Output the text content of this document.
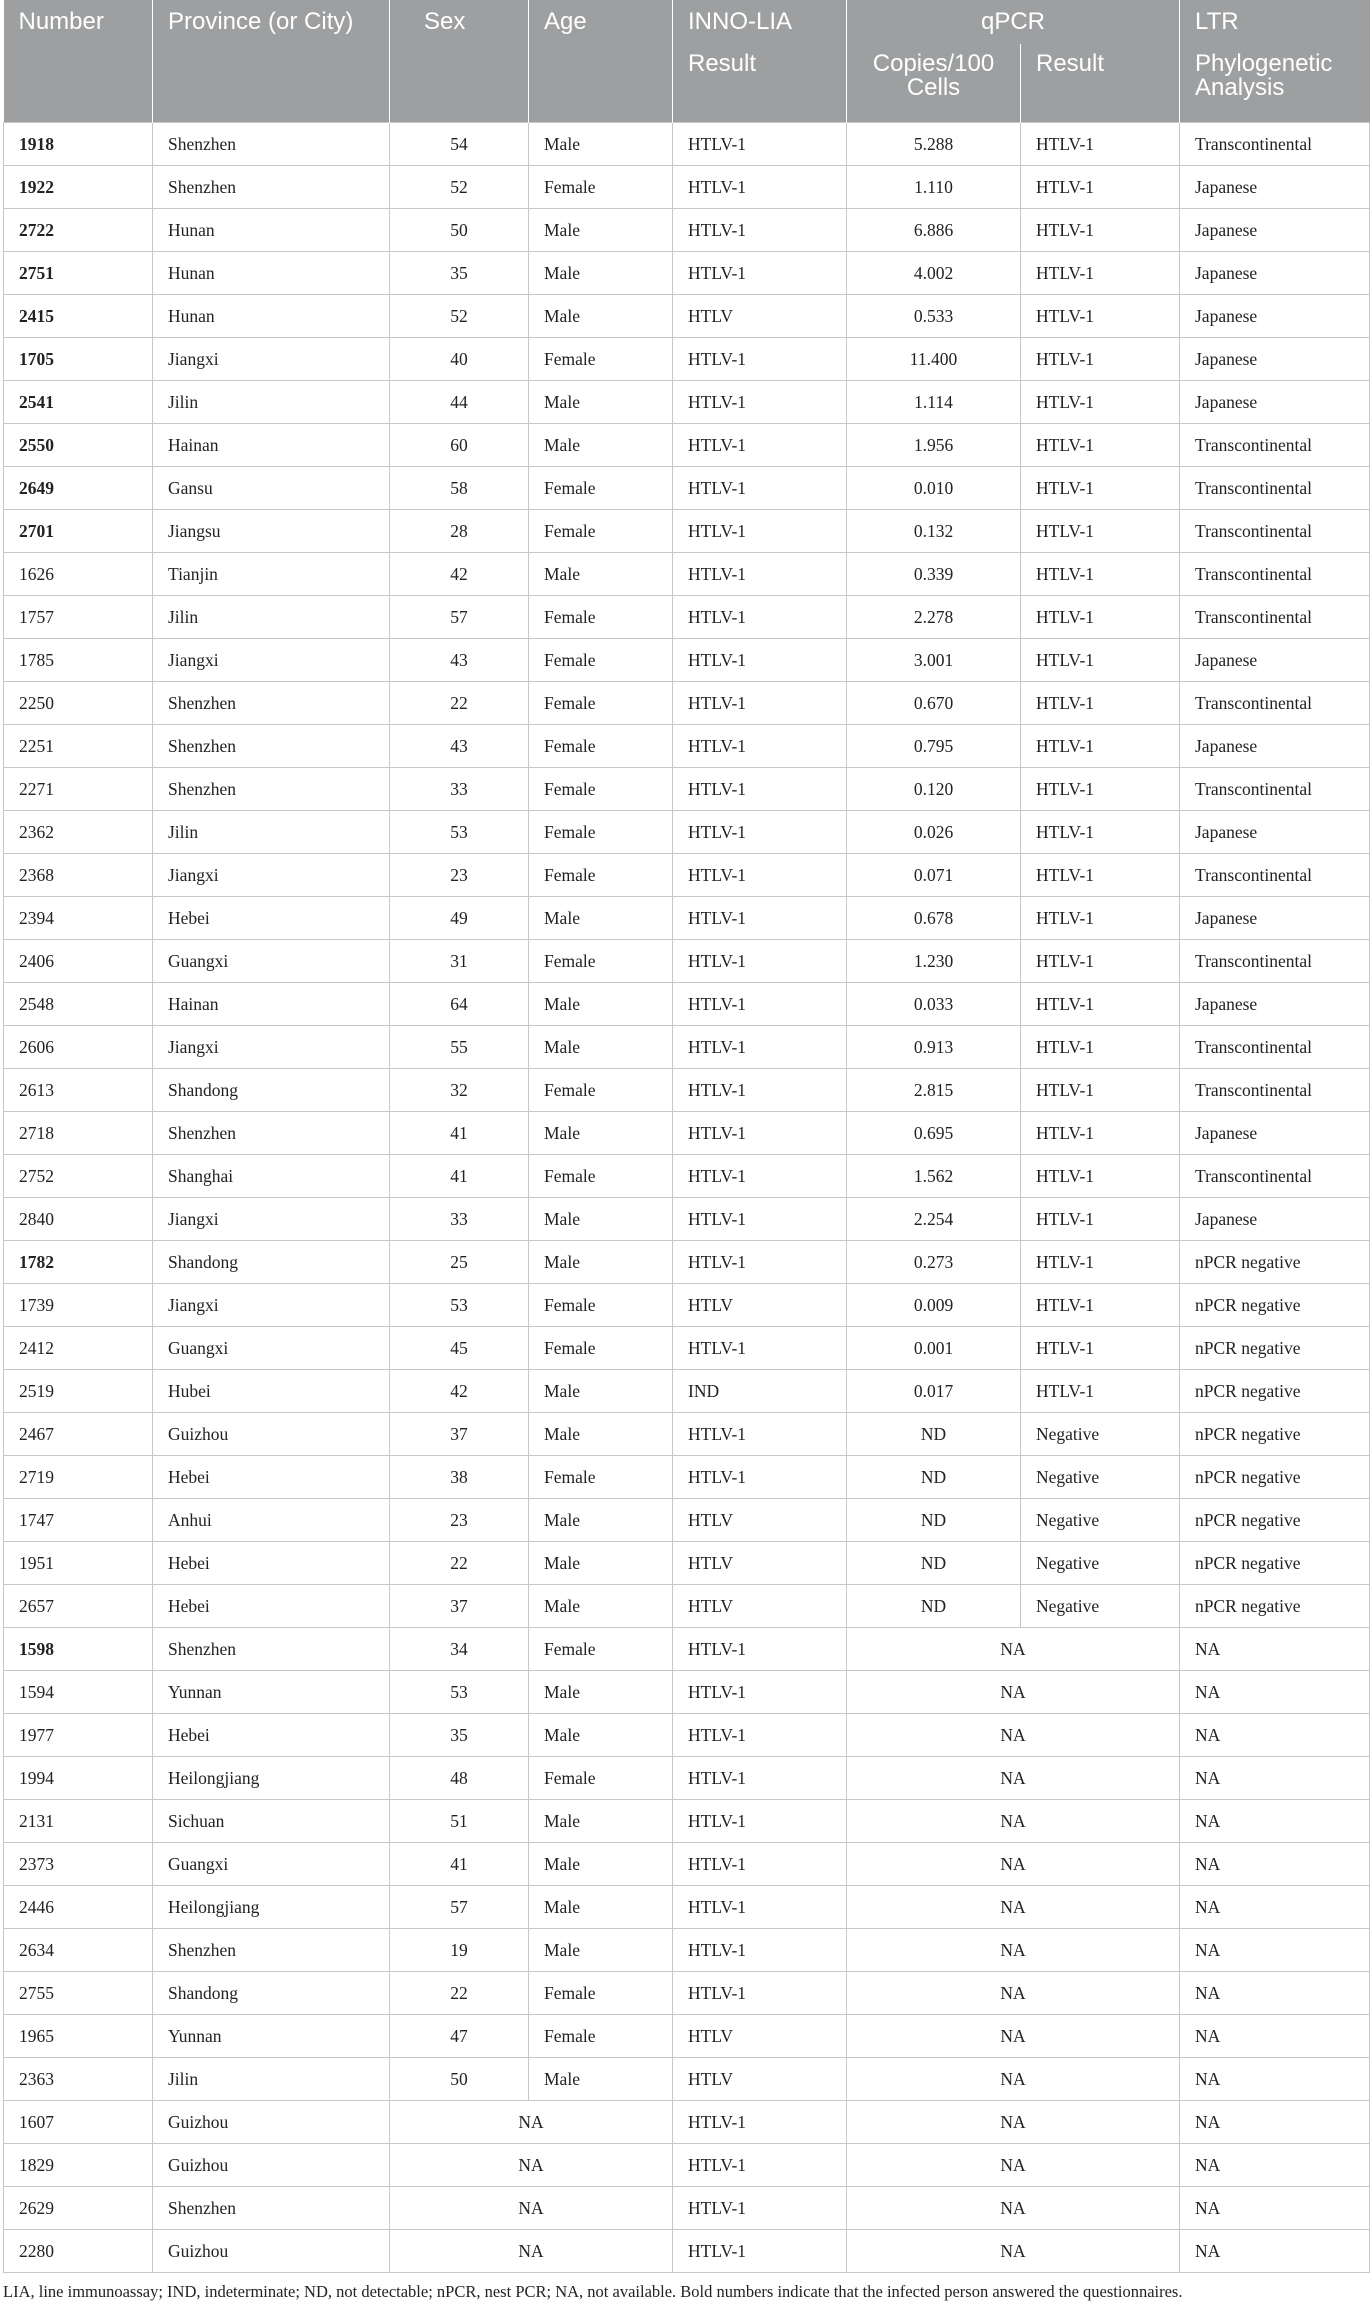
Number	Province (or City)	Sex	Age	INNO-LIA	qPCR		LTR
				Result	Copies/100 Cells	Result	Phylogenetic Analysis
1918	Shenzhen	54	Male	HTLV-1	5.288	HTLV-1	Transcontinental
1922	Shenzhen	52	Female	HTLV-1	1.110	HTLV-1	Japanese
2722	Hunan	50	Male	HTLV-1	6.886	HTLV-1	Japanese
2751	Hunan	35	Male	HTLV-1	4.002	HTLV-1	Japanese
2415	Hunan	52	Male	HTLV	0.533	HTLV-1	Japanese
1705	Jiangxi	40	Female	HTLV-1	11.400	HTLV-1	Japanese
2541	Jilin	44	Male	HTLV-1	1.114	HTLV-1	Japanese
2550	Hainan	60	Male	HTLV-1	1.956	HTLV-1	Transcontinental
2649	Gansu	58	Female	HTLV-1	0.010	HTLV-1	Transcontinental
2701	Jiangsu	28	Female	HTLV-1	0.132	HTLV-1	Transcontinental
1626	Tianjin	42	Male	HTLV-1	0.339	HTLV-1	Transcontinental
1757	Jilin	57	Female	HTLV-1	2.278	HTLV-1	Transcontinental
1785	Jiangxi	43	Female	HTLV-1	3.001	HTLV-1	Japanese
2250	Shenzhen	22	Female	HTLV-1	0.670	HTLV-1	Transcontinental
2251	Shenzhen	43	Female	HTLV-1	0.795	HTLV-1	Japanese
2271	Shenzhen	33	Female	HTLV-1	0.120	HTLV-1	Transcontinental
2362	Jilin	53	Female	HTLV-1	0.026	HTLV-1	Japanese
2368	Jiangxi	23	Female	HTLV-1	0.071	HTLV-1	Transcontinental
2394	Hebei	49	Male	HTLV-1	0.678	HTLV-1	Japanese
2406	Guangxi	31	Female	HTLV-1	1.230	HTLV-1	Transcontinental
2548	Hainan	64	Male	HTLV-1	0.033	HTLV-1	Japanese
2606	Jiangxi	55	Male	HTLV-1	0.913	HTLV-1	Transcontinental
2613	Shandong	32	Female	HTLV-1	2.815	HTLV-1	Transcontinental
2718	Shenzhen	41	Male	HTLV-1	0.695	HTLV-1	Japanese
2752	Shanghai	41	Female	HTLV-1	1.562	HTLV-1	Transcontinental
2840	Jiangxi	33	Male	HTLV-1	2.254	HTLV-1	Japanese
1782	Shandong	25	Male	HTLV-1	0.273	HTLV-1	nPCR negative
1739	Jiangxi	53	Female	HTLV	0.009	HTLV-1	nPCR negative
2412	Guangxi	45	Female	HTLV-1	0.001	HTLV-1	nPCR negative
2519	Hubei	42	Male	IND	0.017	HTLV-1	nPCR negative
2467	Guizhou	37	Male	HTLV-1	ND	Negative	nPCR negative
2719	Hebei	38	Female	HTLV-1	ND	Negative	nPCR negative
1747	Anhui	23	Male	HTLV	ND	Negative	nPCR negative
1951	Hebei	22	Male	HTLV	ND	Negative	nPCR negative
2657	Hebei	37	Male	HTLV	ND	Negative	nPCR negative
1598	Shenzhen	34	Female	HTLV-1	NA		NA
1594	Yunnan	53	Male	HTLV-1	NA		NA
1977	Hebei	35	Male	HTLV-1	NA		NA
1994	Heilongjiang	48	Female	HTLV-1	NA		NA
2131	Sichuan	51	Male	HTLV-1	NA		NA
2373	Guangxi	41	Male	HTLV-1	NA		NA
2446	Heilongjiang	57	Male	HTLV-1	NA		NA
2634	Shenzhen	19	Male	HTLV-1	NA		NA
2755	Shandong	22	Female	HTLV-1	NA		NA
1965	Yunnan	47	Female	HTLV	NA		NA
2363	Jilin	50	Male	HTLV	NA		NA
1607	Guizhou	NA		HTLV-1	NA		NA
1829	Guizhou	NA		HTLV-1	NA		NA
2629	Shenzhen	NA		HTLV-1	NA		NA
2280	Guizhou	NA		HTLV-1	NA		NA
LIA, line immunoassay; IND, indeterminate; ND, not detectable; nPCR, nest PCR; NA, not available. Bold numbers indicate that the infected person answered the questionnaires.
